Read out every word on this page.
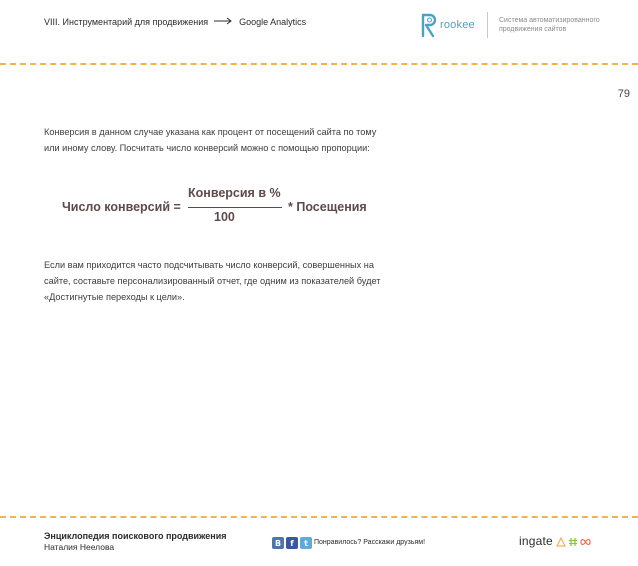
VIII. Инструментарий для продвижения	Google Analytics	rookee	Система автоматизированного
продвижения сайтов
79
Конверсия в данном случае указана как процент от посещений сайта по тому
или иному слову. Посчитать число конверсий можно с помощью пропорции:
Число конверсий =
Конверсия в %
100
* Посещения
Если вам приходится часто подсчитывать число конверсий, совершенных на
сайте, составьте персонализированный отчет, где одним из показателей будет
«Достигнутые переходы к цели».
Энциклопедия поискового продвижения
Наталия Неелова	B	f	t Понравилось? Расскажи друзьям!	ingate
